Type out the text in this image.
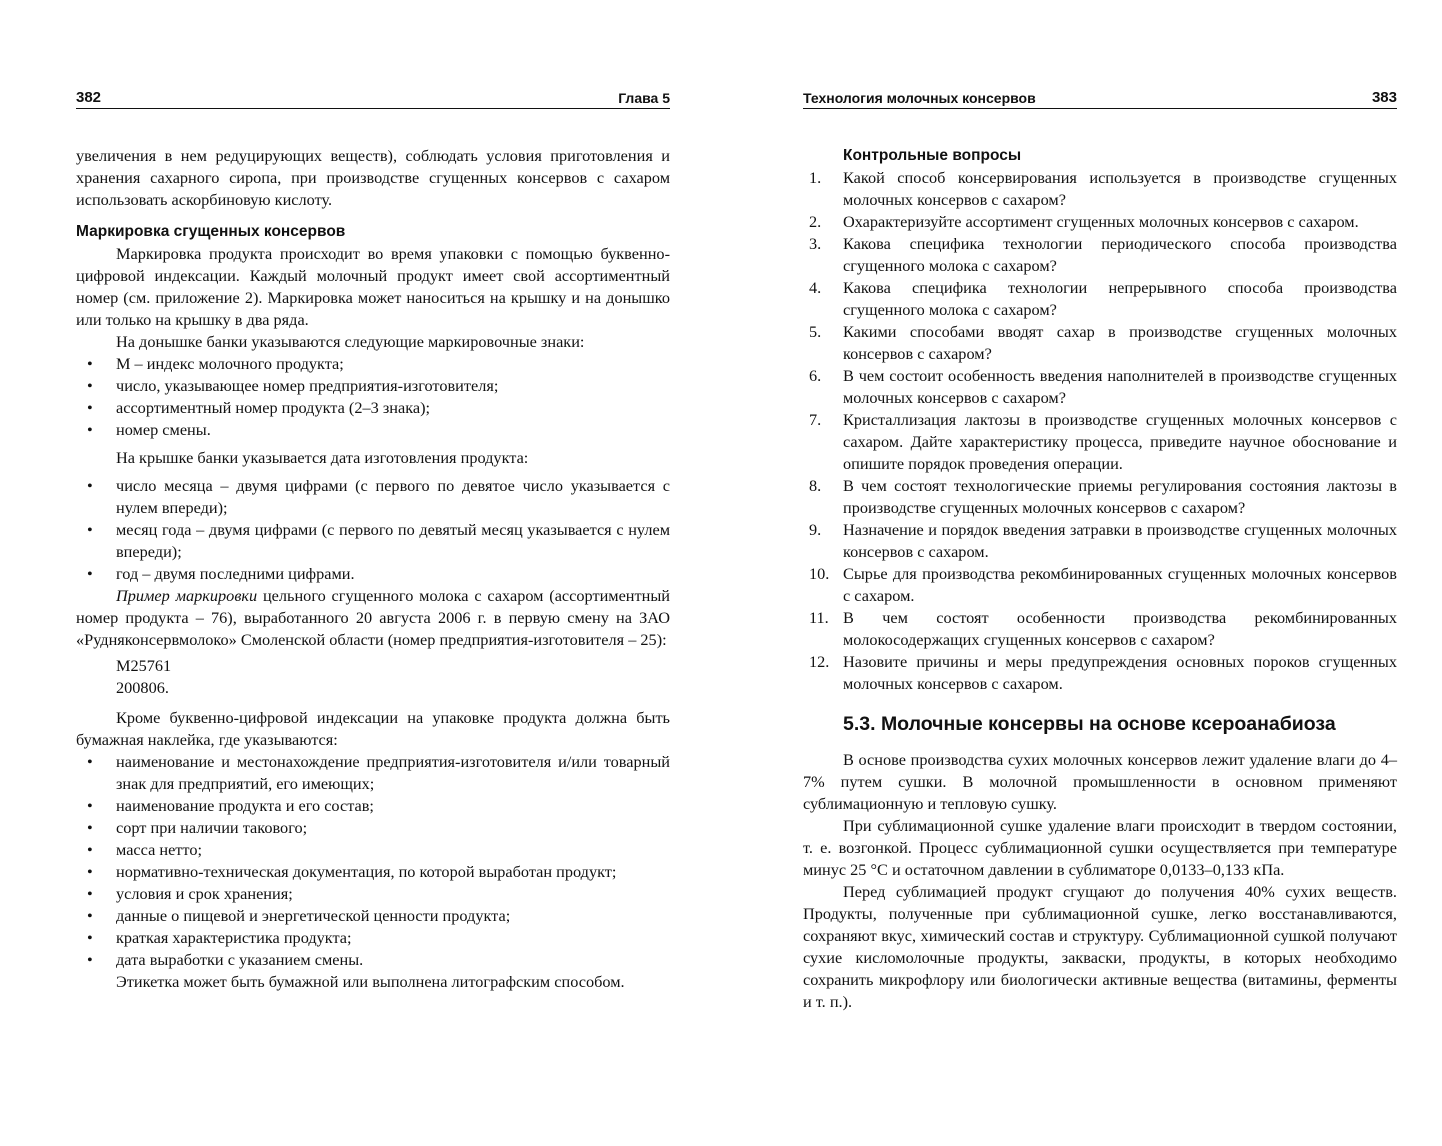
382	Глава 5

увеличения в нем редуцирующих веществ), соблюдать условия приготовления и хранения сахарного сиропа, при производстве сгущенных консервов с сахаром использовать аскорбиновую кислоту.

Маркировка сгущенных консервов

Маркировка продукта происходит во время упаковки с помощью буквенно-цифровой индексации. Каждый молочный продукт имеет свой ассортиментный номер (см. приложение 2). Маркировка может наноситься на крышку и на донышко или только на крышку в два ряда.

На донышке банки указываются следующие маркировочные знаки:

• М – индекс молочного продукта;
• число, указывающее номер предприятия-изготовителя;
• ассортиментный номер продукта (2–3 знака);
• номер смены.

На крышке банки указывается дата изготовления продукта:

• число месяца – двумя цифрами (с первого по девятое число указывается с нулем впереди);
• месяц года – двумя цифрами (с первого по девятый месяц указывается с нулем впереди);
• год – двумя последними цифрами.

Пример маркировки цельного сгущенного молока с сахаром (ассортиментный номер продукта – 76), выработанного 20 августа 2006 г. в первую смену на ЗАО «Рудняконсервмолоко» Смоленской области (номер предприятия-изготовителя – 25):

М25761

200806.

Кроме буквенно-цифровой индексации на упаковке продукта должна быть бумажная наклейка, где указываются:

• наименование и местонахождение предприятия-изготовителя и/или товарный знак для предприятий, его имеющих;
• наименование продукта и его состав;
• сорт при наличии такового;
• масса нетто;
• нормативно-техническая документация, по которой выработан продукт;
• условия и срок хранения;
• данные о пищевой и энергетической ценности продукта;
• краткая характеристика продукта;
• дата выработки с указанием смены.

Этикетка может быть бумажной или выполнена литографским способом.

Технология молочных консервов	383

Контрольные вопросы

1.	Какой способ консервирования используется в производстве сгущенных молочных консервов с сахаром?
2.	Охарактеризуйте ассортимент сгущенных молочных консервов с сахаром.
3.	Какова специфика технологии периодического способа производства сгущенного молока с сахаром?
4.	Какова специфика технологии непрерывного способа производства сгущенного молока с сахаром?
5.	Какими способами вводят сахар в производстве сгущенных молочных консервов с сахаром?
6.	В чем состоит особенность введения наполнителей в производстве сгущенных молочных консервов с сахаром?
7.	Кристаллизация лактозы в производстве сгущенных молочных консервов с сахаром. Дайте характеристику процесса, приведите научное обоснование и опишите порядок проведения операции.
8.	В чем состоят технологические приемы регулирования состояния лактозы в производстве сгущенных молочных консервов с сахаром?
9.	Назначение и порядок введения затравки в производстве сгущенных молочных консервов с сахаром.
10. Сырье для производства рекомбинированных сгущенных молочных консервов с сахаром.
11. В чем состоят особенности производства рекомбинированных молокосодержащих сгущенных консервов с сахаром?
12. Назовите причины и меры предупреждения основных пороков сгущенных молочных консервов с сахаром.

5.3. Молочные консервы на основе ксероанабиоза

В основе производства сухих молочных консервов лежит удаление влаги до 4–7% путем сушки. В молочной промышленности в основном применяют сублимационную и тепловую сушку.

При сублимационной сушке удаление влаги происходит в твердом состоянии, т. е. возгонкой. Процесс сублимационной сушки осуществляется при температуре минус 25 °С и остаточном давлении в сублиматоре 0,0133–0,133 кПа.

Перед сублимацией продукт сгущают до получения 40% сухих веществ. Продукты, полученные при сублимационной сушке, легко восстанавливаются, сохраняют вкус, химический состав и структуру. Сублимационной сушкой получают сухие кисломолочные продукты, закваски, продукты, в которых необходимо сохранить микрофлору или биологически активные вещества (витамины, ферменты и т. п.).
